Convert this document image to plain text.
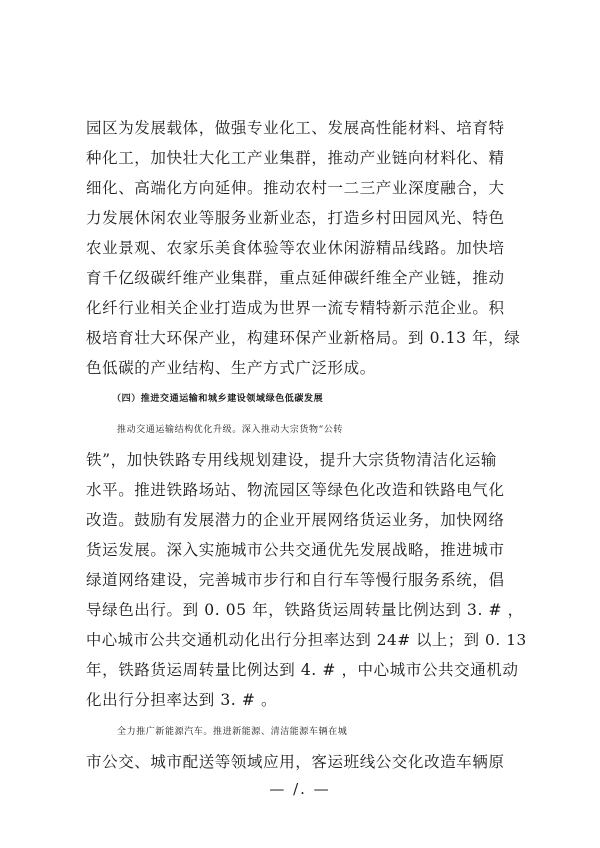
园区为发展载体，做强专业化工、发展高性能材料、培育特
种化工，加快壮大化工产业集群，推动产业链向材料化、精
细化、高端化方向延伸。推动农村一二三产业深度融合，大
力发展休闲农业等服务业新业态，打造乡村田园风光、特色
农业景观、农家乐美食体验等农业休闲游精品线路。加快培
育千亿级碳纤维产业集群，重点延伸碳纤维全产业链，推动
化纤行业相关企业打造成为世界一流专精特新示范企业。积
极培育壮大环保产业，构建环保产业新格局。到 0.13 年，绿
色低碳的产业结构、生产方式广泛形成。
（四）推进交通运输和城乡建设领域绿色低碳发展
推动交通运输结构优化升级。深入推动大宗货物“公转
铁”，加快铁路专用线规划建设，提升大宗货物清洁化运输
水平。推进铁路场站、物流园区等绿色化改造和铁路电气化
改造。鼓励有发展潜力的企业开展网络货运业务，加快网络
货运发展。深入实施城市公共交通优先发展战略，推进城市
绿道网络建设，完善城市步行和自行车等慢行服务系统，倡
导绿色出行。到 0. 05 年，铁路货运周转量比例达到 3. # ，
中心城市公共交通机动化出行分担率达到 24# 以上；到 0. 13
年，铁路货运周转量比例达到 4. # ，中心城市公共交通机动
化出行分担率达到 3. # 。
全力推广新能源汽车。推进新能源、清洁能源车辆在城
市公交、城市配送等领域应用，客运班线公交化改造车辆原
— /. —
